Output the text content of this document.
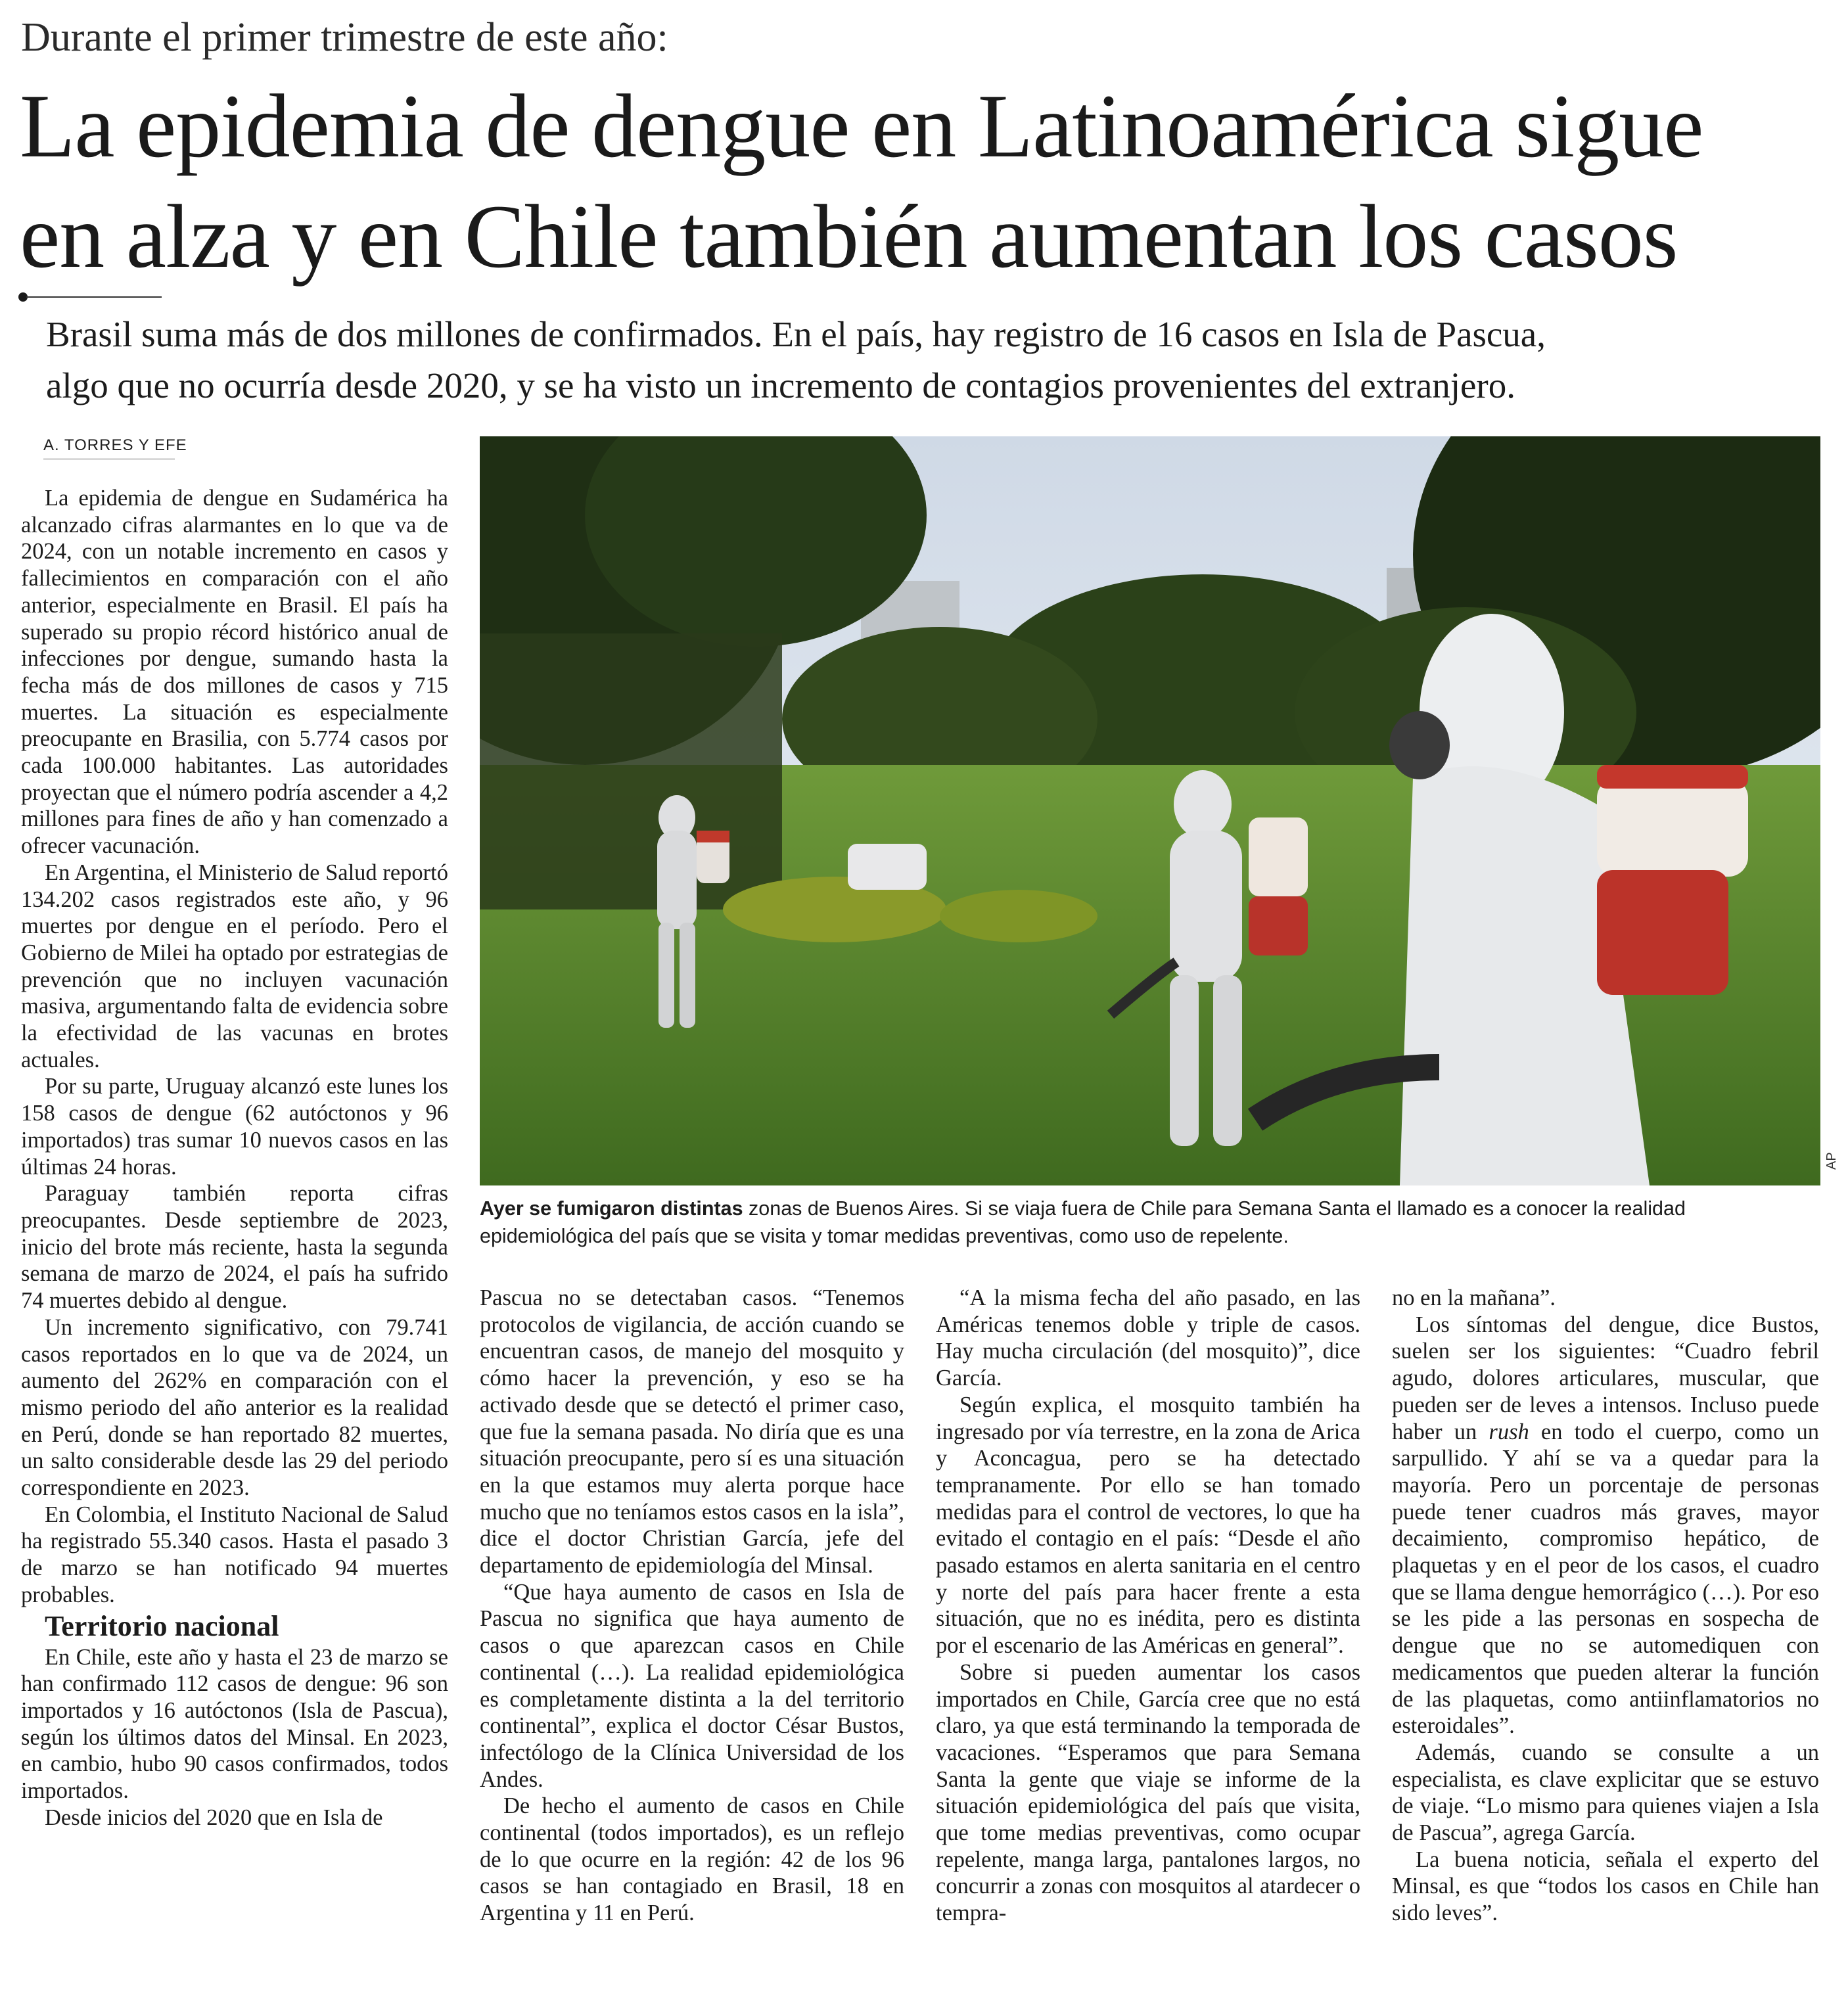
Durante el primer trimestre de este año:
La epidemia de dengue en Latinoamérica sigue
en alza y en Chile también aumentan los casos

Brasil suma más de dos millones de confirmados. En el país, hay registro de 16 casos en Isla de Pascua,

algo que no ocurría desde 2020, y se ha visto un incremento de contagios provenientes del extranjero.

A. TORRES Y EFE
AP

Ayer se fumigaron distintas zonas de Buenos Aires. Si se viaja fuera de Chile para Semana Santa el llamado es a conocer la realidad

epidemiológica del país que se visita y tomar medidas preventivas, como uso de repelente.

La epidemia de dengue en Sudamérica ha alcanzado cifras alarmantes en lo que va de 2024, con un notable incremento en casos y fallecimientos en comparación con el año anterior, especialmente en Brasil. El país ha superado su propio récord histórico anual de infecciones por dengue, sumando hasta la fecha más de dos millones de casos y 715 muertes. La situación es especialmente preocupante en Brasilia, con 5.774 casos por cada 100.000 habitantes. Las autoridades proyectan que el número podría ascender a 4,2 millones para fines de año y han comenzado a ofrecer vacunación.

En Argentina, el Ministerio de Salud reportó 134.202 casos registrados este año, y 96 muertes por dengue en el período. Pero el Gobierno de Milei ha optado por estrategias de prevención que no incluyen vacunación masiva, argumentando falta de evidencia sobre la efectividad de las vacunas en brotes actuales.

Por su parte, Uruguay alcanzó este lunes los 158 casos de dengue (62 autóctonos y 96 importados) tras sumar 10 nuevos casos en las últimas 24 horas.

Paraguay también reporta cifras preocupantes. Desde septiembre de 2023, inicio del brote más reciente, hasta la segunda semana de marzo de 2024, el país ha sufrido 74 muertes debido al dengue.

Un incremento significativo, con 79.741 casos reportados en lo que va de 2024, un aumento del 262% en comparación con el mismo periodo del año anterior es la realidad en Perú, donde se han reportado 82 muertes, un salto considerable desde las 29 del periodo correspondiente en 2023.

En Colombia, el Instituto Nacional de Salud ha registrado 55.340 casos. Hasta el pasado 3 de marzo se han notificado 94 muertes probables.

Territorio nacional

En Chile, este año y hasta el 23 de marzo se han confirmado 112 casos de dengue: 96 son importados y 16 autóctonos (Isla de Pascua), según los últimos datos del Minsal. En 2023, en cambio, hubo 90 casos confirmados, todos importados.

Desde inicios del 2020 que en Isla de

Pascua no se detectaban casos. “Tenemos protocolos de vigilancia, de acción cuando se encuentran casos, de manejo del mosquito y cómo hacer la prevención, y eso se ha activado desde que se detectó el primer caso, que fue la semana pasada. No diría que es una situación preocupante, pero sí es una situación en la que estamos muy alerta porque hace mucho que no teníamos estos casos en la isla”, dice el doctor Christian García, jefe del departamento de epidemiología del Minsal.

“Que haya aumento de casos en Isla de Pascua no significa que haya aumento de casos o que aparezcan casos en Chile continental (…). La realidad epidemiológica es completamente distinta a la del territorio continental”, explica el doctor César Bustos, infectólogo de la Clínica Universidad de los Andes.

De hecho el aumento de casos en Chile continental (todos importados), es un reflejo de lo que ocurre en la región: 42 de los 96 casos se han contagiado en Brasil, 18 en Argentina y 11 en Perú.

“A la misma fecha del año pasado, en las Américas tenemos doble y triple de casos. Hay mucha circulación (del mosquito)”, dice García.

Según explica, el mosquito también ha ingresado por vía terrestre, en la zona de Arica y Aconcagua, pero se ha detectado tempranamente. Por ello se han tomado medidas para el control de vectores, lo que ha evitado el contagio en el país: “Desde el año pasado estamos en alerta sanitaria en el centro y norte del país para hacer frente a esta situación, que no es inédita, pero es distinta por el escenario de las Américas en general”.

Sobre si pueden aumentar los casos importados en Chile, García cree que no está claro, ya que está terminando la temporada de vacaciones. “Esperamos que para Semana Santa la gente que viaje se informe de la situación epidemiológica del país que visita, que tome medias preventivas, como ocupar repelente, manga larga, pantalones largos, no concurrir a zonas con mosquitos al atardecer o tempra-

no en la mañana”.

Los síntomas del dengue, dice Bustos, suelen ser los siguientes: “Cuadro febril agudo, dolores articulares, muscular, que pueden ser de leves a intensos. Incluso puede haber un rush en todo el cuerpo, como un sarpullido. Y ahí se va a quedar para la mayoría. Pero un porcentaje de personas puede tener cuadros más graves, mayor decaimiento, compromiso hepático, de plaquetas y en el peor de los casos, el cuadro que se llama dengue hemorrágico (…). Por eso se les pide a las personas en sospecha de dengue que no se automediquen con medicamentos que pueden alterar la función de las plaquetas, como antiinflamatorios no esteroidales”.

Además, cuando se consulte a un especialista, es clave explicitar que se estuvo de viaje. “Lo mismo para quienes viajen a Isla de Pascua”, agrega García.

La buena noticia, señala el experto del Minsal, es que “todos los casos en Chile han sido leves”.
